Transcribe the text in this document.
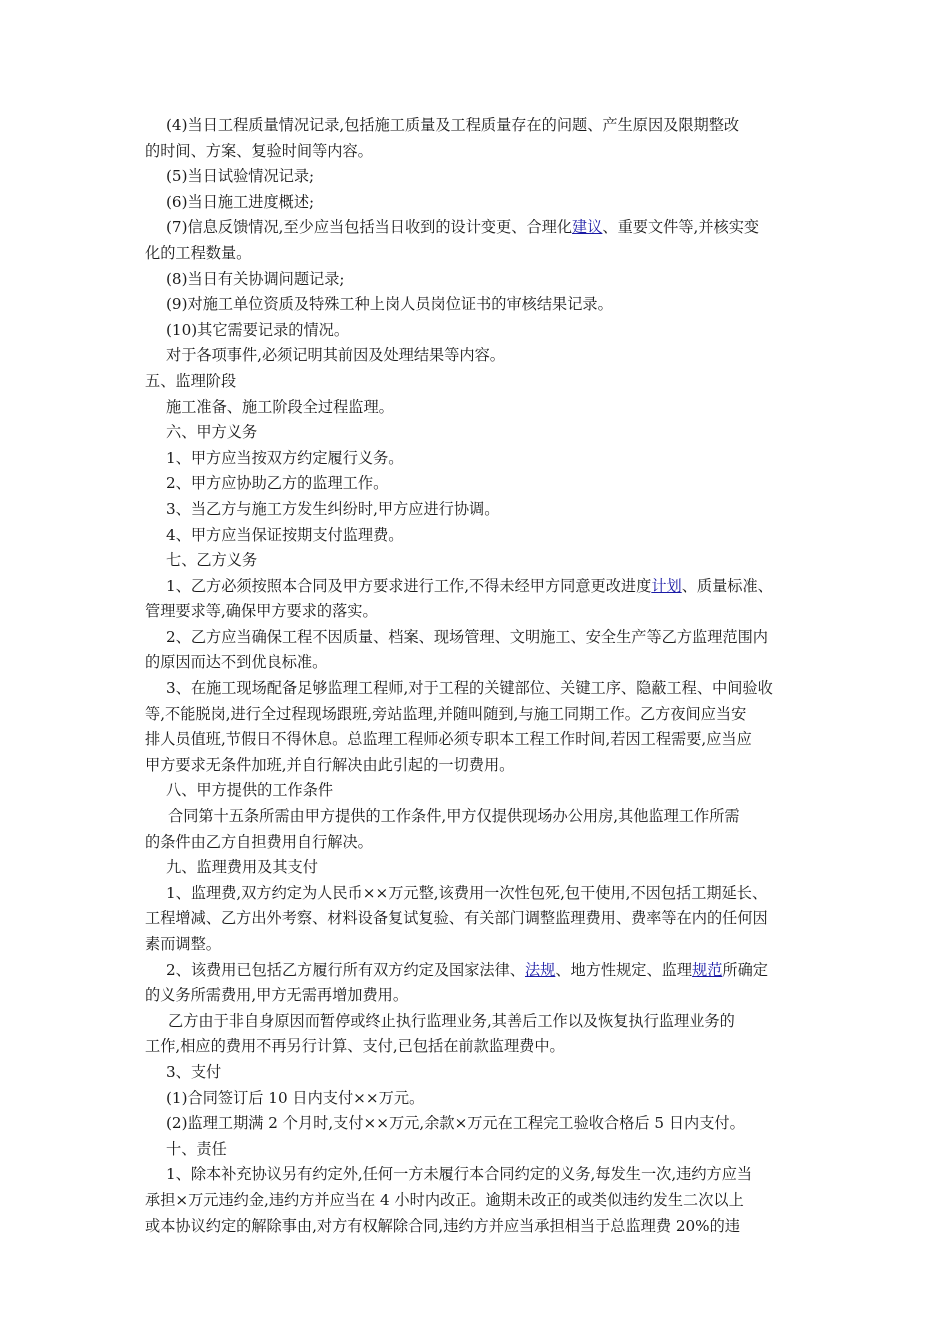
(4)当日工程质量情况记录,包括施工质量及工程质量存在的问题、产生原因及限期整改

的时间、方案、复验时间等内容。

(5)当日试验情况记录;

(6)当日施工进度概述;

(7)信息反馈情况,至少应当包括当日收到的设计变更、合理化建议、重要文件等,并核实变

化的工程数量。

(8)当日有关协调问题记录;

(9)对施工单位资质及特殊工种上岗人员岗位证书的审核结果记录。

(10)其它需要记录的情况。

对于各项事件,必须记明其前因及处理结果等内容。

五、监理阶段

施工准备、施工阶段全过程监理。

六、甲方义务

1、甲方应当按双方约定履行义务。

2、甲方应协助乙方的监理工作。

3、当乙方与施工方发生纠纷时,甲方应进行协调。

4、甲方应当保证按期支付监理费。

七、乙方义务

1、乙方必须按照本合同及甲方要求进行工作,不得未经甲方同意更改进度计划、质量标准、

管理要求等,确保甲方要求的落实。

2、乙方应当确保工程不因质量、档案、现场管理、文明施工、安全生产等乙方监理范围内

的原因而达不到优良标准。

3、在施工现场配备足够监理工程师,对于工程的关键部位、关键工序、隐蔽工程、中间验收

等,不能脱岗,进行全过程现场跟班,旁站监理,并随叫随到,与施工同期工作。乙方夜间应当安

排人员值班,节假日不得休息。总监理工程师必须专职本工程工作时间,若因工程需要,应当应

甲方要求无条件加班,并自行解决由此引起的一切费用。

八、甲方提供的工作条件

合同第十五条所需由甲方提供的工作条件,甲方仅提供现场办公用房,其他监理工作所需

的条件由乙方自担费用自行解决。

九、监理费用及其支付

1、监理费,双方约定为人民币××万元整,该费用一次性包死,包干使用,不因包括工期延长、

工程增减、乙方出外考察、材料设备复试复验、有关部门调整监理费用、费率等在内的任何因

素而调整。

2、该费用已包括乙方履行所有双方约定及国家法律、法规、地方性规定、监理规范所确定

的义务所需费用,甲方无需再增加费用。

乙方由于非自身原因而暂停或终止执行监理业务,其善后工作以及恢复执行监理业务的

工作,相应的费用不再另行计算、支付,已包括在前款监理费中。

3、支付

(1)合同签订后 10 日内支付××万元。

(2)监理工期满 2 个月时,支付××万元,余款×万元在工程完工验收合格后 5 日内支付。

十、责任

1、除本补充协议另有约定外,任何一方未履行本合同约定的义务,每发生一次,违约方应当

承担×万元违约金,违约方并应当在 4 小时内改正。逾期未改正的或类似违约发生二次以上

或本协议约定的解除事由,对方有权解除合同,违约方并应当承担相当于总监理费 20%的违
